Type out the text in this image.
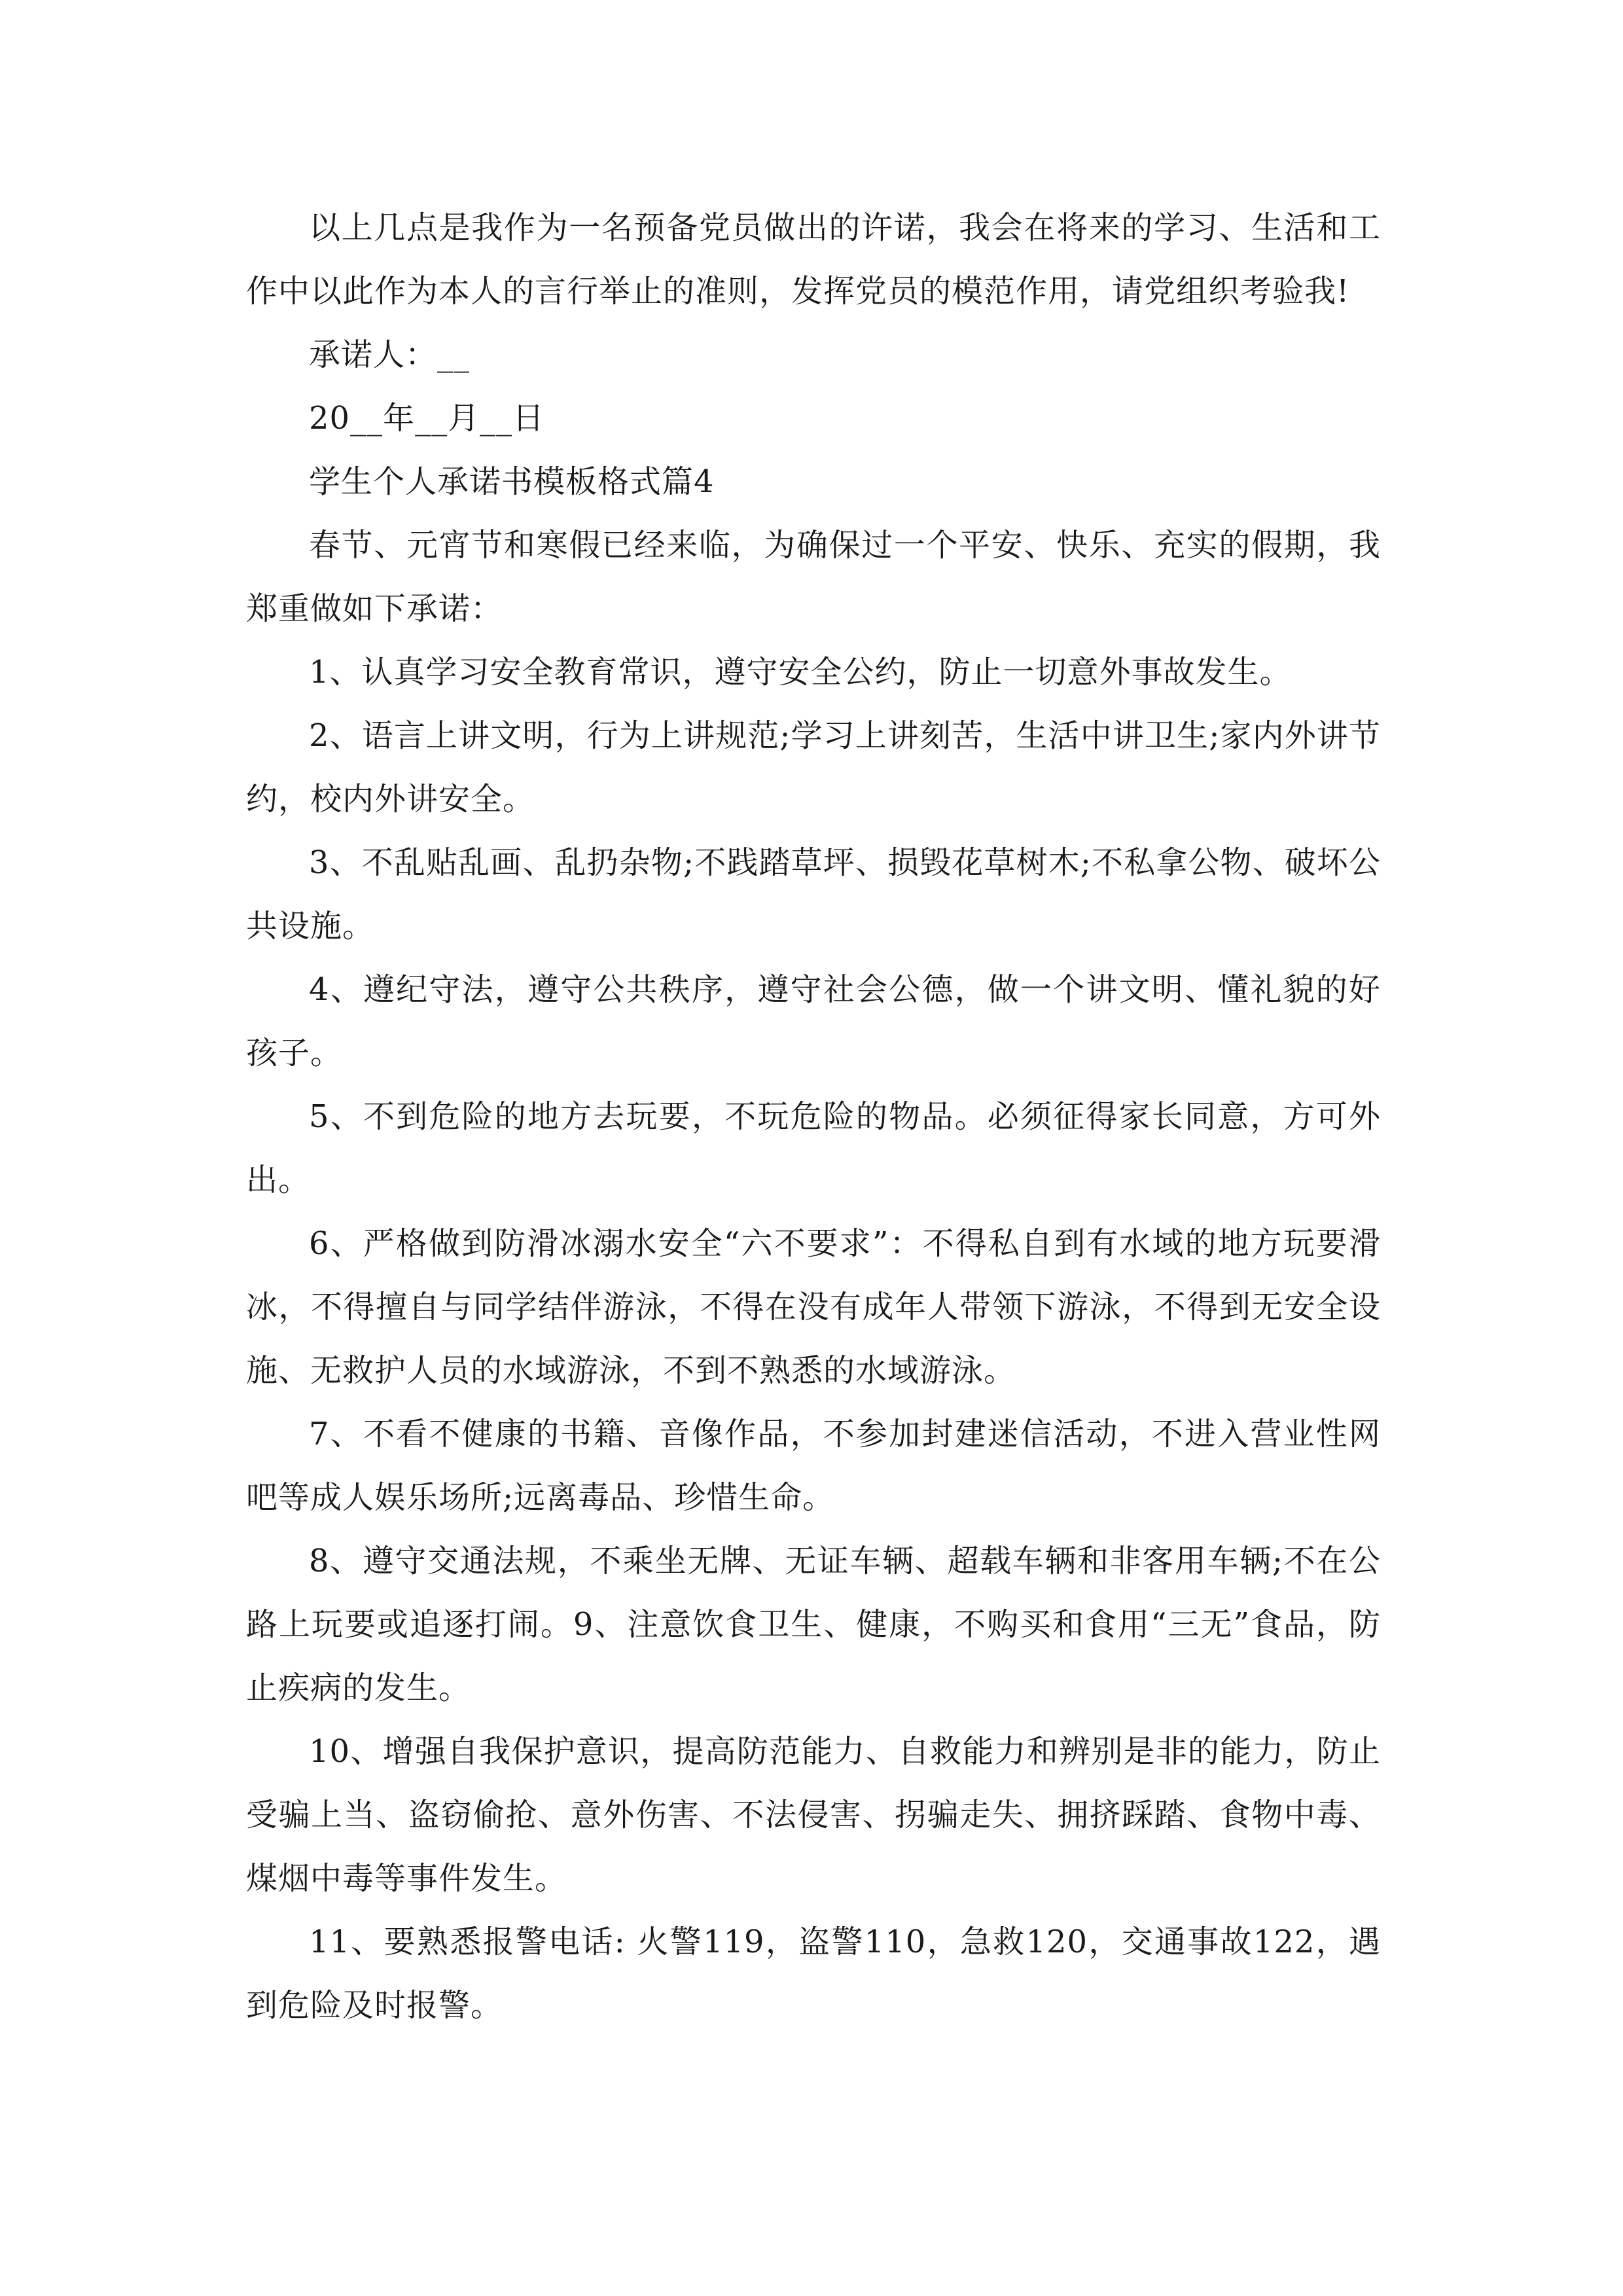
以上几点是我作为一名预备党员做出的许诺，我会在将来的学习、生活和工作中以此作为本人的言行举止的准则，发挥党员的模范作用，请党组织考验我!

承诺人：__

20__年__月__日

学生个人承诺书模板格式篇4

春节、元宵节和寒假已经来临，为确保过一个平安、快乐、充实的假期，我郑重做如下承诺：

1、认真学习安全教育常识，遵守安全公约，防止一切意外事故发生。

2、语言上讲文明，行为上讲规范;学习上讲刻苦，生活中讲卫生;家内外讲节约，校内外讲安全。

3、不乱贴乱画、乱扔杂物;不践踏草坪、损毁花草树木;不私拿公物、破坏公共设施。

4、遵纪守法，遵守公共秩序，遵守社会公德，做一个讲文明、懂礼貌的好孩子。

5、不到危险的地方去玩要，不玩危险的物品。必须征得家长同意，方可外出。

6、严格做到防滑冰溺水安全“六不要求”：不得私自到有水域的地方玩要滑冰，不得擅自与同学结伴游泳，不得在没有成年人带领下游泳，不得到无安全设施、无救护人员的水域游泳，不到不熟悉的水域游泳。

7、不看不健康的书籍、音像作品，不参加封建迷信活动，不进入营业性网吧等成人娱乐场所;远离毒品、珍惜生命。

8、遵守交通法规，不乘坐无牌、无证车辆、超载车辆和非客用车辆;不在公路上玩要或追逐打闹。9、注意饮食卫生、健康，不购买和食用“三无”食品，防止疾病的发生。

10、增强自我保护意识，提高防范能力、自救能力和辨别是非的能力，防止受骗上当、盗窃偷抢、意外伤害、不法侵害、拐骗走失、拥挤踩踏、食物中毒、煤烟中毒等事件发生。

11、要熟悉报警电话: 火警119，盗警110，急救120，交通事故122，遇到危险及时报警。
